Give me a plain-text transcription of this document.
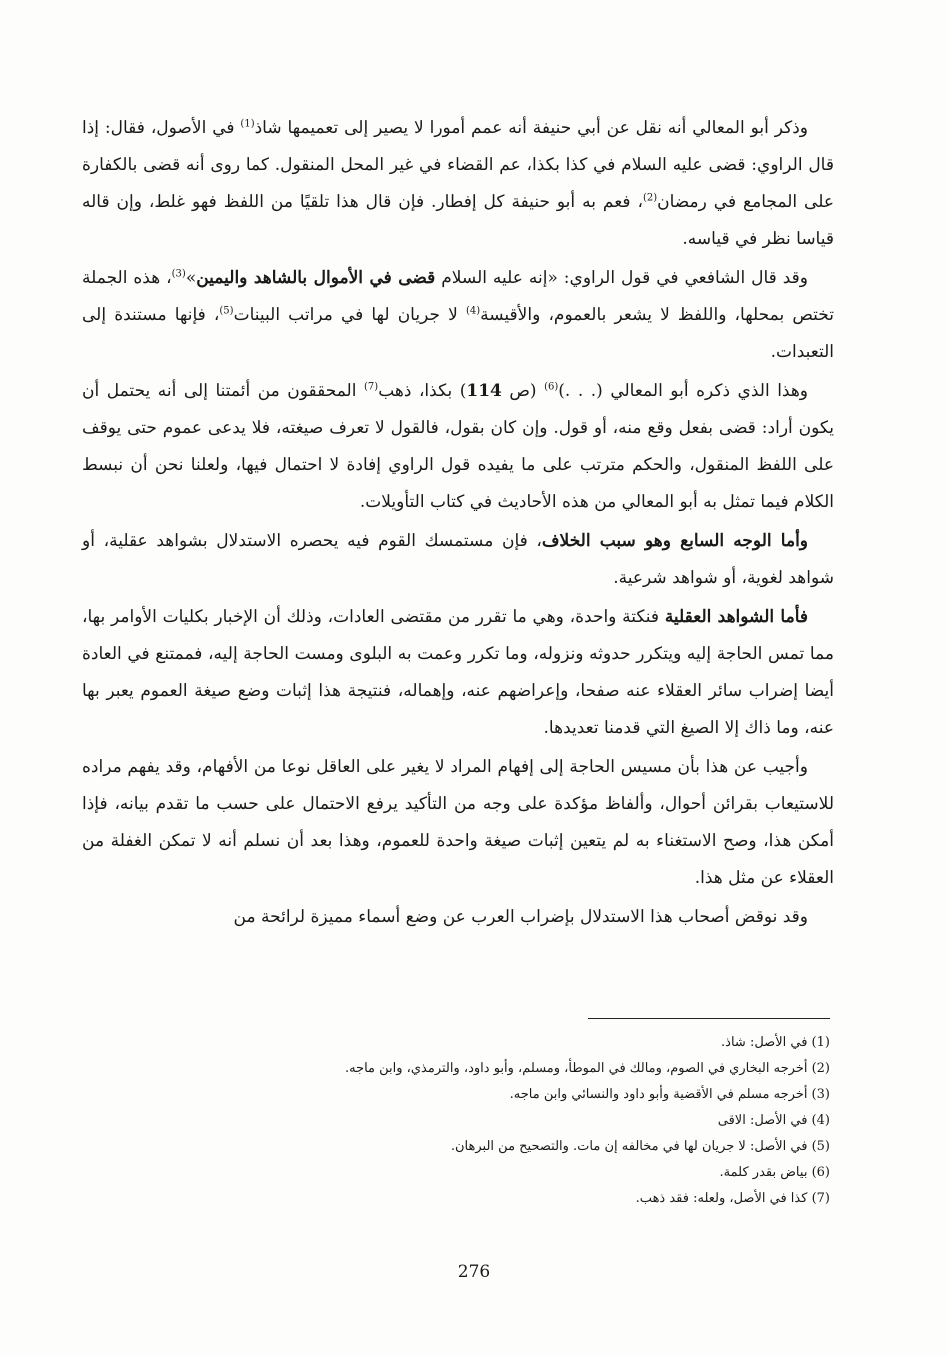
وذكر أبو المعالي أنه نقل عن أبي حنيفة أنه عمم أمورا لا يصير إلى تعميمها شاذ$^{(1)}$ في الأصول، فقال: إذا قال الراوي: قضى عليه السلام في كذا بكذا، عم القضاء في غير المحل المنقول. كما روى أنه قضى بالكفارة على المجامع في رمضان$^{(2)}$، فعم به أبو حنيفة كل إفطار. فإن قال هذا تلقيًا من اللفظ فهو غلط، وإن قاله قياسا نظر في قياسه.

وقد قال الشافعي في قول الراوي: «إنه عليه السلام قضى في الأموال بالشاهد واليمين»$^{(3)}$، هذه الجملة تختص بمحلها، واللفظ لا يشعر بالعموم، والأقيسة$^{(4)}$ لا جريان لها في مراتب البينات$^{(5)}$، فإنها مستندة إلى التعبدات.

وهذا الذي ذكره أبو المعالي (. . .)$^{(6)}$ (ص 114) بكذا، ذهب$^{(7)}$ المحققون من أئمتنا إلى أنه يحتمل أن يكون أراد: قضى بفعل وقع منه، أو قول. وإن كان بقول، فالقول لا تعرف صيغته، فلا يدعى عموم حتى يوقف على اللفظ المنقول، والحكم مترتب على ما يفيده قول الراوي إفادة لا احتمال فيها، ولعلنا نحن أن نبسط الكلام فيما تمثل به أبو المعالي من هذه الأحاديث في كتاب التأويلات.

وأما الوجه السابع وهو سبب الخلاف، فإن مستمسك القوم فيه يحصره الاستدلال بشواهد عقلية، أو شواهد لغوية، أو شواهد شرعية.

فأما الشواهد العقلية فنكتة واحدة، وهي ما تقرر من مقتضى العادات، وذلك أن الإخبار بكليات الأوامر بها، مما تمس الحاجة إليه ويتكرر حدوثه ونزوله، وما تكرر وعمت به البلوى ومست الحاجة إليه، فممتنع في العادة أيضا إضراب سائر العقلاء عنه صفحا، وإعراضهم عنه، وإهماله، فنتيجة هذا إثبات وضع صيغة العموم يعبر بها عنه، وما ذاك إلا الصيغ التي قدمنا تعديدها.

وأجيب عن هذا بأن مسيس الحاجة إلى إفهام المراد لا يغير على العاقل نوعا من الأفهام، وقد يفهم مراده للاستيعاب بقرائن أحوال، وألفاظ مؤكدة على وجه من التأكيد يرفع الاحتمال على حسب ما تقدم بيانه، فإذا أمكن هذا، وصح الاستغناء به لم يتعين إثبات صيغة واحدة للعموم، وهذا بعد أن نسلم أنه لا تمكن الغفلة من العقلاء عن مثل هذا.

وقد نوقض أصحاب هذا الاستدلال بإضراب العرب عن وضع أسماء مميزة لرائحة من

(1) في الأصل: شاذ.
(2) أخرجه البخاري في الصوم، ومالك في الموطأ، ومسلم، وأبو داود، والترمذي، وابن ماجه.
(3) أخرجه مسلم في الأقضية وأبو داود والنسائي وابن ماجه.
(4) في الأصل: الاقى
(5) في الأصل: لا جريان لها في مخالفه إن مات. والتصحيح من البرهان.
(6) بياض بقدر كلمة.
(7) كذا في الأصل، ولعله: فقد ذهب.
276
